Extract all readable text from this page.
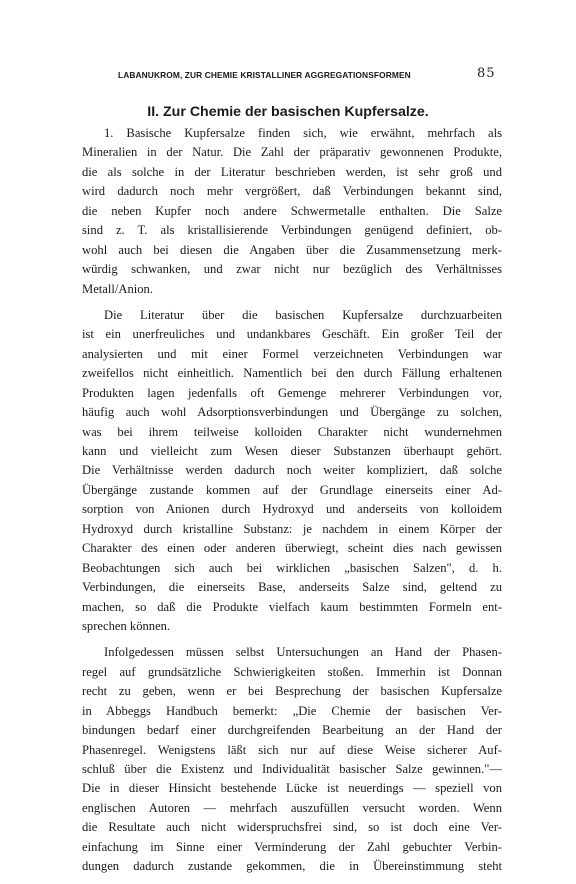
LABANUKROM, ZUR CHEMIE KRISTALLINER AGGREGATIONSFORMEN	85
II. Zur Chemie der basischen Kupfersalze.
1. Basische Kupfersalze finden sich, wie erwähnt, mehrfach als
Mineralien in der Natur. Die Zahl der präparativ gewonnenen Produkte,
die als solche in der Literatur beschrieben werden, ist sehr groß und
wird dadurch noch mehr vergrößert, daß Verbindungen bekannt sind,
die neben Kupfer noch andere Schwermetalle enthalten. Die Salze
sind z. T. als kristallisierende Verbindungen genügend definiert, ob-
wohl auch bei diesen die Angaben über die Zusammensetzung merk-
würdig schwanken, und zwar nicht nur bezüglich des Verhältnisses
Metall/Anion.
Die Literatur über die basischen Kupfersalze durchzuarbeiten
ist ein unerfreuliches und undankbares Geschäft. Ein großer Teil der
analysierten und mit einer Formel verzeichneten Verbindungen war
zweifellos nicht einheitlich. Namentlich bei den durch Fällung erhaltenen
Produkten lagen jedenfalls oft Gemenge mehrerer Verbindungen vor,
häufig auch wohl Adsorptionsverbindungen und Übergänge zu solchen,
was bei ihrem teilweise kolloiden Charakter nicht wundernehmen
kann und vielleicht zum Wesen dieser Substanzen überhaupt gehört.
Die Verhältnisse werden dadurch noch weiter kompliziert, daß solche
Übergänge zustande kommen auf der Grundlage einerseits einer Ad-
sorption von Anionen durch Hydroxyd und anderseits von kolloidem
Hydroxyd durch kristalline Substanz: je nachdem in einem Körper der
Charakter des einen oder anderen überwiegt, scheint dies nach gewissen
Beobachtungen sich auch bei wirklichen „basischen Salzen", d. h.
Verbindungen, die einerseits Base, anderseits Salze sind, geltend zu
machen, so daß die Produkte vielfach kaum bestimmten Formeln ent-
sprechen können.
Infolgedessen müssen selbst Untersuchungen an Hand der Phasen-
regel auf grundsätzliche Schwierigkeiten stoßen. Immerhin ist Donnan
recht zu geben, wenn er bei Besprechung der basischen Kupfersalze
in Abbeggs Handbuch bemerkt: „Die Chemie der basischen Ver-
bindungen bedarf einer durchgreifenden Bearbeitung an der Hand der
Phasenregel. Wenigstens läßt sich nur auf diese Weise sicherer Auf-
schluß über die Existenz und Individualität basischer Salze gewinnen."—
Die in dieser Hinsicht bestehende Lücke ist neuerdings — speziell von
englischen Autoren — mehrfach auszufüllen versucht worden. Wenn
die Resultate auch nicht widerspruchsfrei sind, so ist doch eine Ver-
einfachung im Sinne einer Verminderung der Zahl gebuchter Verbin-
dungen dadurch zustande gekommen, die in Übereinstimmung steht
